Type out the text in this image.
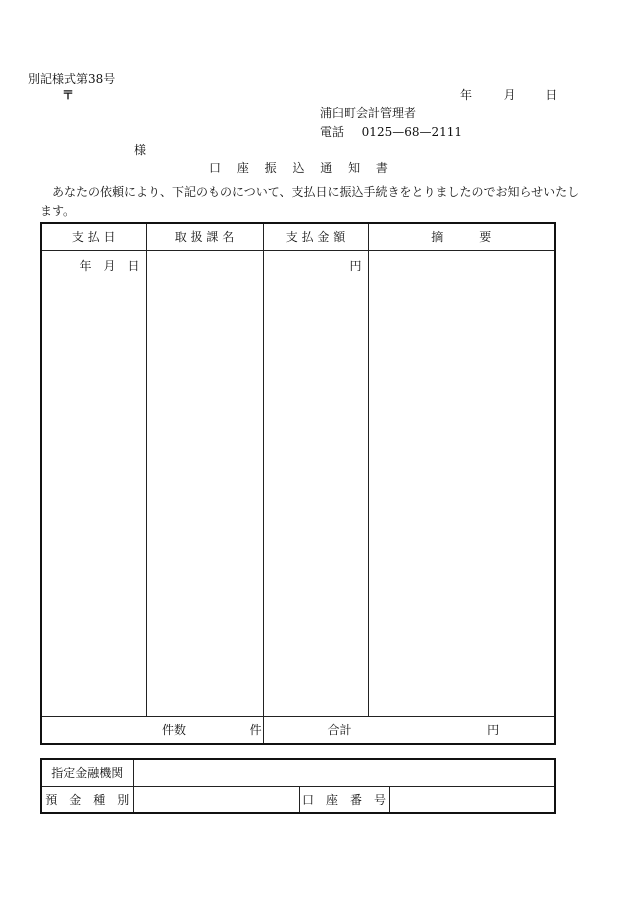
別記様式第38号
〒	年	月 日
浦臼町会計管理者
電話 0125—68—2111
様
口 座 振 込 通 知 書
あなたの依頼により、下記のものについて、支払日に振込手続きをとりましたのでお知らせいたし
ます。
支 払 日	取 扱 課 名	支 払 金 額	摘　　　要
年　月　日		円	
件数 件		合計 円	
指定金融機関			
預　金　種　別		口　座　番　号	
